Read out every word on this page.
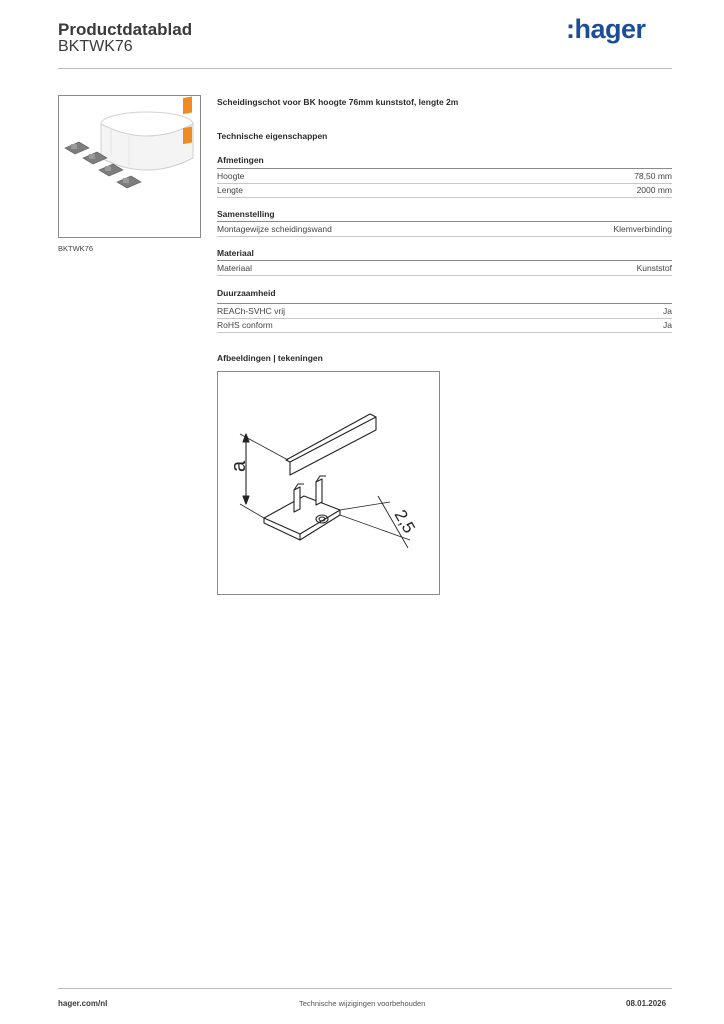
Productdatablad
BKTWK76
:hager
BKTWK76
Scheidingschot voor BK hoogte 76mm kunststof, lengte 2m
Technische eigenschappen
Afmetingen
Hoogte	78,50 mm
Lengte	2000 mm
Samenstelling
Montagewijze scheidingswand	Klemverbinding
Materiaal
Materiaal	Kunststof
Duurzaamheid
REACh-SVHC vrij	Ja
RoHS conform	Ja
Afbeeldingen | tekeningen
a
2,5
hager.com/nl	Technische wijzigingen voorbehouden	08.01.2026
